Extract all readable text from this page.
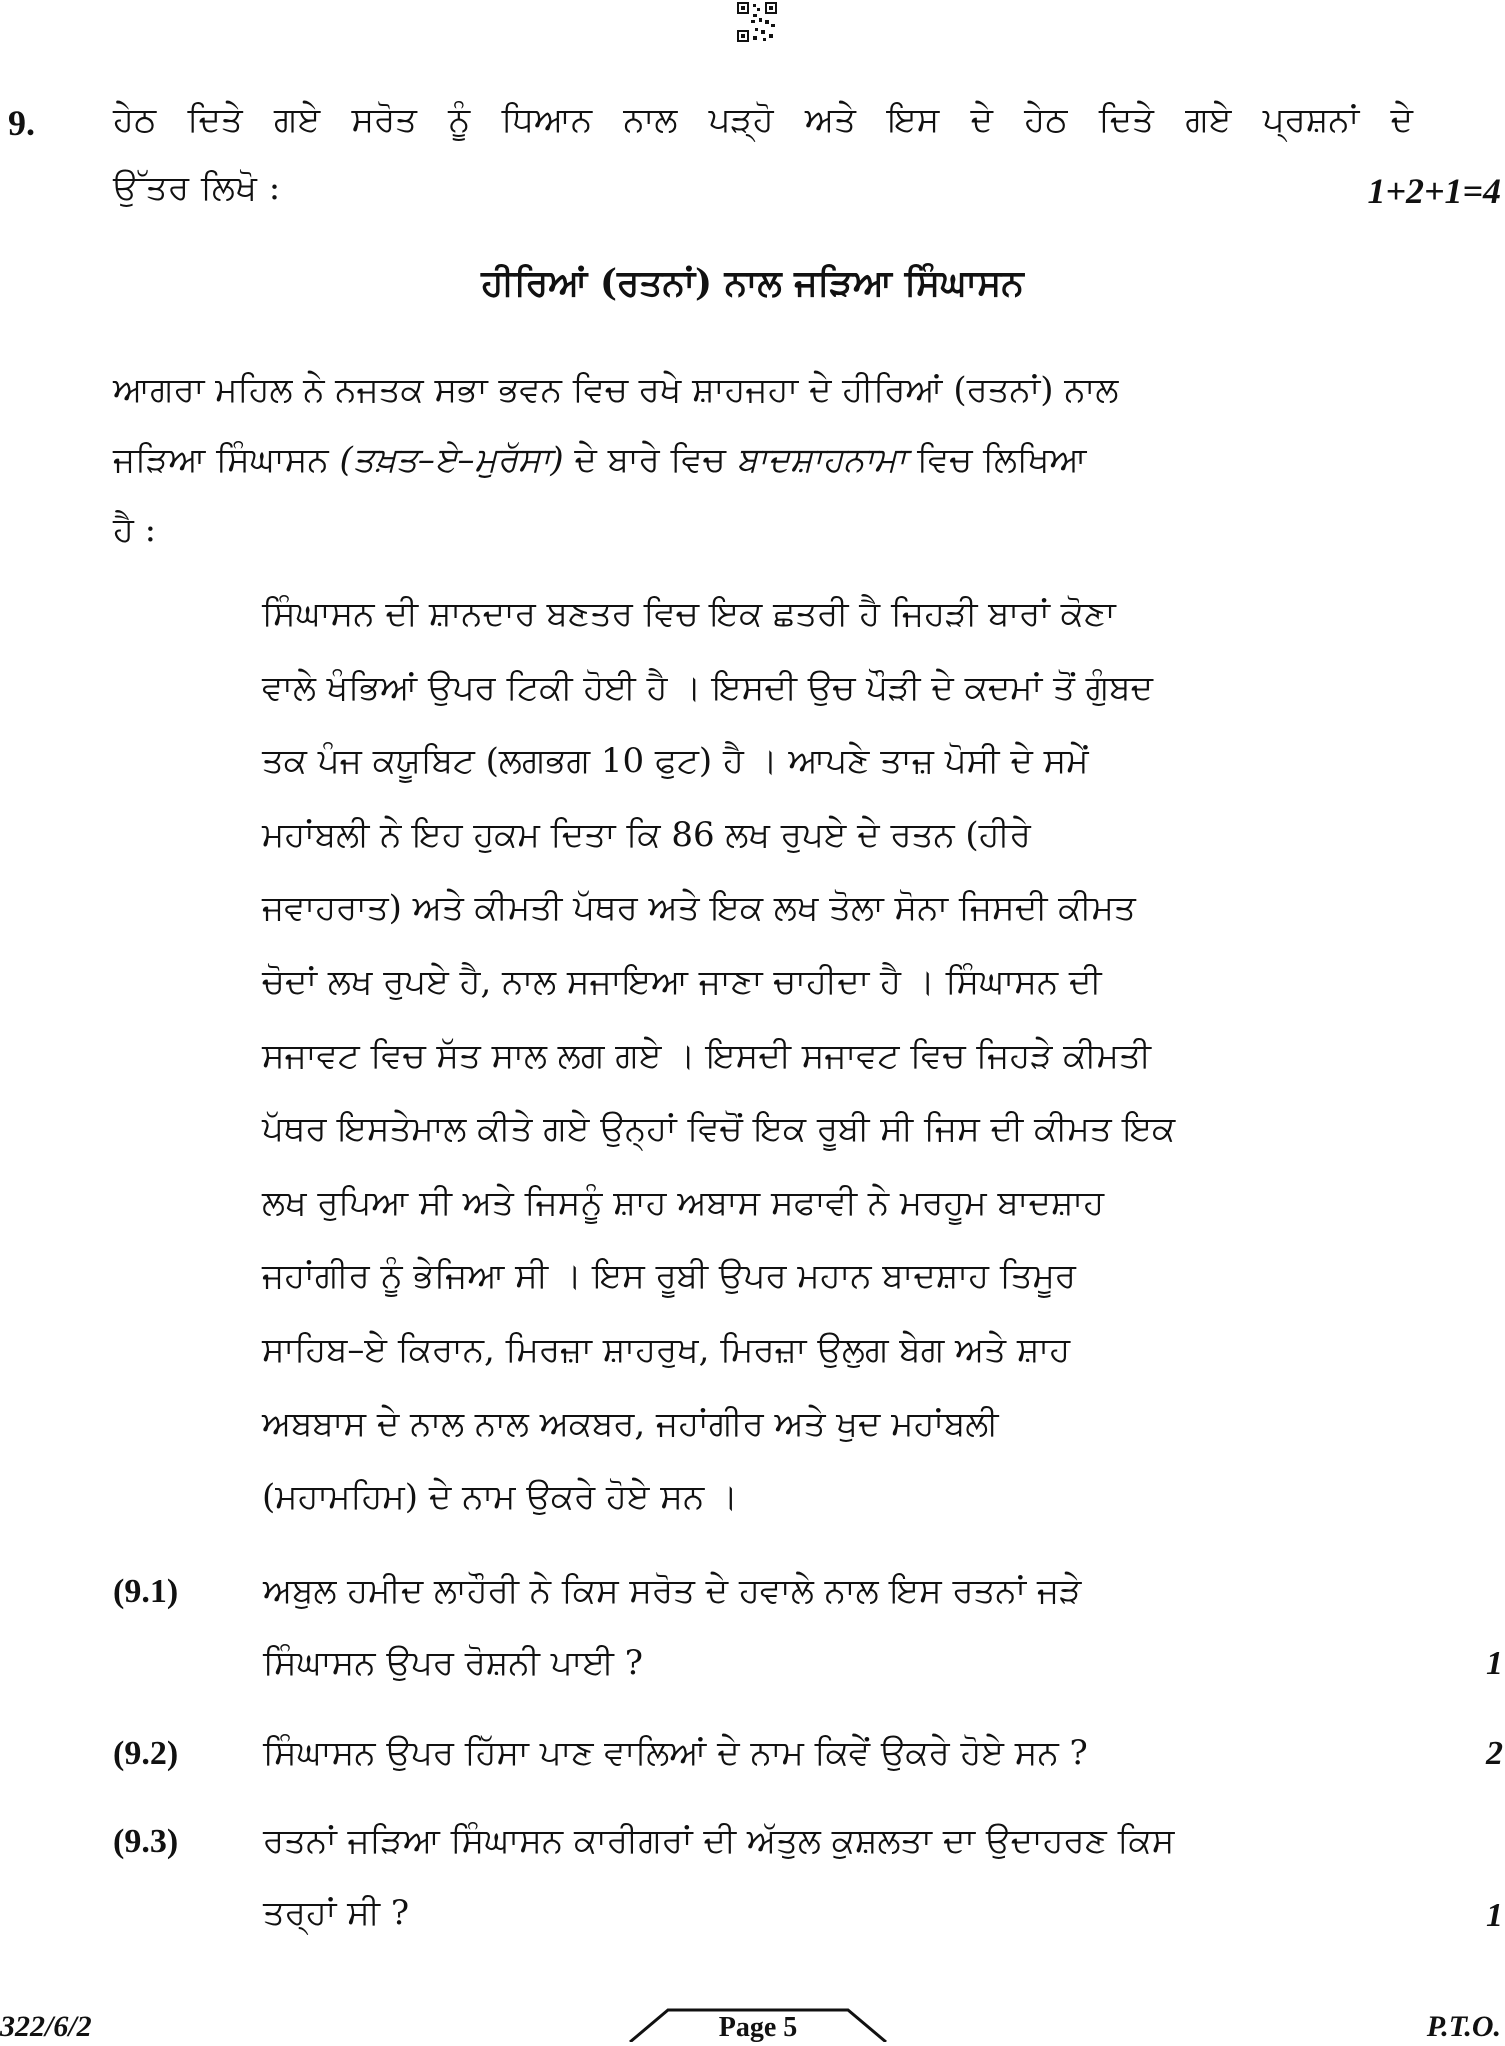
9. ਹੇਠ ਦਿਤੇ ਗਏ ਸਰੋਤ ਨੂੰ ਧਿਆਨ ਨਾਲ ਪੜ੍ਹੋ ਅਤੇ ਇਸ ਦੇ ਹੇਠ ਦਿਤੇ ਗਏ ਪ੍ਰਸ਼ਨਾਂ ਦੇ
ਉੱਤਰ ਲਿਖੋ :	1+2+1=4
ਹੀਰਿਆਂ (ਰਤਨਾਂ) ਨਾਲ ਜੜਿਆ ਸਿੰਘਾਸਨ
ਆਗਰਾ ਮਹਿਲ ਨੇ ਨਜਤਕ ਸਭਾ ਭਵਨ ਵਿਚ ਰਖੇ ਸ਼ਾਹਜਹਾ ਦੇ ਹੀਰਿਆਂ (ਰਤਨਾਂ) ਨਾਲ
ਜੜਿਆ ਸਿੰਘਾਸਨ (ਤਖ਼ਤ–ਏ–ਮੁਰੱਸਾ) ਦੇ ਬਾਰੇ ਵਿਚ ਬਾਦਸ਼ਾਹਨਾਮਾ ਵਿਚ ਲਿਖਿਆ
ਹੈ :
ਸਿੰਘਾਸਨ ਦੀ ਸ਼ਾਨਦਾਰ ਬਣਤਰ ਵਿਚ ਇਕ ਛਤਰੀ ਹੈ ਜਿਹੜੀ ਬਾਰਾਂ ਕੋਣਾ
ਵਾਲੇ ਖੰਭਿਆਂ ਉਪਰ ਟਿਕੀ ਹੋਈ ਹੈ । ਇਸਦੀ ਉਚ ਪੌੜੀ ਦੇ ਕਦਮਾਂ ਤੋਂ ਗੁੰਬਦ
ਤਕ ਪੰਜ ਕਯੂਬਿਟ (ਲਗਭਗ 10 ਫੁਟ) ਹੈ । ਆਪਣੇ ਤਾਜ਼ ਪੋਸੀ ਦੇ ਸਮੇਂ
ਮਹਾਂਬਲੀ ਨੇ ਇਹ ਹੁਕਮ ਦਿਤਾ ਕਿ 86 ਲਖ ਰੁਪਏ ਦੇ ਰਤਨ (ਹੀਰੇ
ਜਵਾਹਰਾਤ) ਅਤੇ ਕੀਮਤੀ ਪੱਥਰ ਅਤੇ ਇਕ ਲਖ ਤੋਲਾ ਸੋਨਾ ਜਿਸਦੀ ਕੀਮਤ
ਚੋਦਾਂ ਲਖ ਰੁਪਏ ਹੈ, ਨਾਲ ਸਜਾਇਆ ਜਾਣਾ ਚਾਹੀਦਾ ਹੈ । ਸਿੰਘਾਸਨ ਦੀ
ਸਜਾਵਟ ਵਿਚ ਸੱਤ ਸਾਲ ਲਗ ਗਏ । ਇਸਦੀ ਸਜਾਵਟ ਵਿਚ ਜਿਹੜੇ ਕੀਮਤੀ
ਪੱਥਰ ਇਸਤੇਮਾਲ ਕੀਤੇ ਗਏ ਉਨ੍ਹਾਂ ਵਿਚੋਂ ਇਕ ਰੂਬੀ ਸੀ ਜਿਸ ਦੀ ਕੀਮਤ ਇਕ
ਲਖ ਰੁਪਿਆ ਸੀ ਅਤੇ ਜਿਸਨੂੰ ਸ਼ਾਹ ਅਬਾਸ ਸਫਾਵੀ ਨੇ ਮਰਹੂਮ ਬਾਦਸ਼ਾਹ
ਜਹਾਂਗੀਰ ਨੂੰ ਭੇਜਿਆ ਸੀ । ਇਸ ਰੂਬੀ ਉਪਰ ਮਹਾਨ ਬਾਦਸ਼ਾਹ ਤਿਮੂਰ
ਸਾਹਿਬ–ਏ ਕਿਰਾਨ, ਮਿਰਜ਼ਾ ਸ਼ਾਹਰੁਖ, ਮਿਰਜ਼ਾ ਉਲੁਗ ਬੇਗ ਅਤੇ ਸ਼ਾਹ
ਅਬਬਾਸ ਦੇ ਨਾਲ ਨਾਲ ਅਕਬਰ, ਜਹਾਂਗੀਰ ਅਤੇ ਖੁਦ ਮਹਾਂਬਲੀ
(ਮਹਾਮਹਿਮ) ਦੇ ਨਾਮ ਉਕਰੇ ਹੋਏ ਸਨ ।
(9.1) ਅਬੁਲ ਹਮੀਦ ਲਾਹੌਰੀ ਨੇ ਕਿਸ ਸਰੋਤ ਦੇ ਹਵਾਲੇ ਨਾਲ ਇਸ ਰਤਨਾਂ ਜੜੇ
ਸਿੰਘਾਸਨ ਉਪਰ ਰੋਸ਼ਨੀ ਪਾਈ ?	1
(9.2) ਸਿੰਘਾਸਨ ਉਪਰ ਹਿੱਸਾ ਪਾਣ ਵਾਲਿਆਂ ਦੇ ਨਾਮ ਕਿਵੇਂ ਉਕਰੇ ਹੋਏ ਸਨ ?	2
(9.3) ਰਤਨਾਂ ਜੜਿਆ ਸਿੰਘਾਸਨ ਕਾਰੀਗਰਾਂ ਦੀ ਅੱਤੁਲ ਕੁਸ਼ਲਤਾ ਦਾ ਉਦਾਹਰਣ ਕਿਸ
ਤਰ੍ਹਾਂ ਸੀ ?	1
322/6/2	Page 5	P.T.O.
